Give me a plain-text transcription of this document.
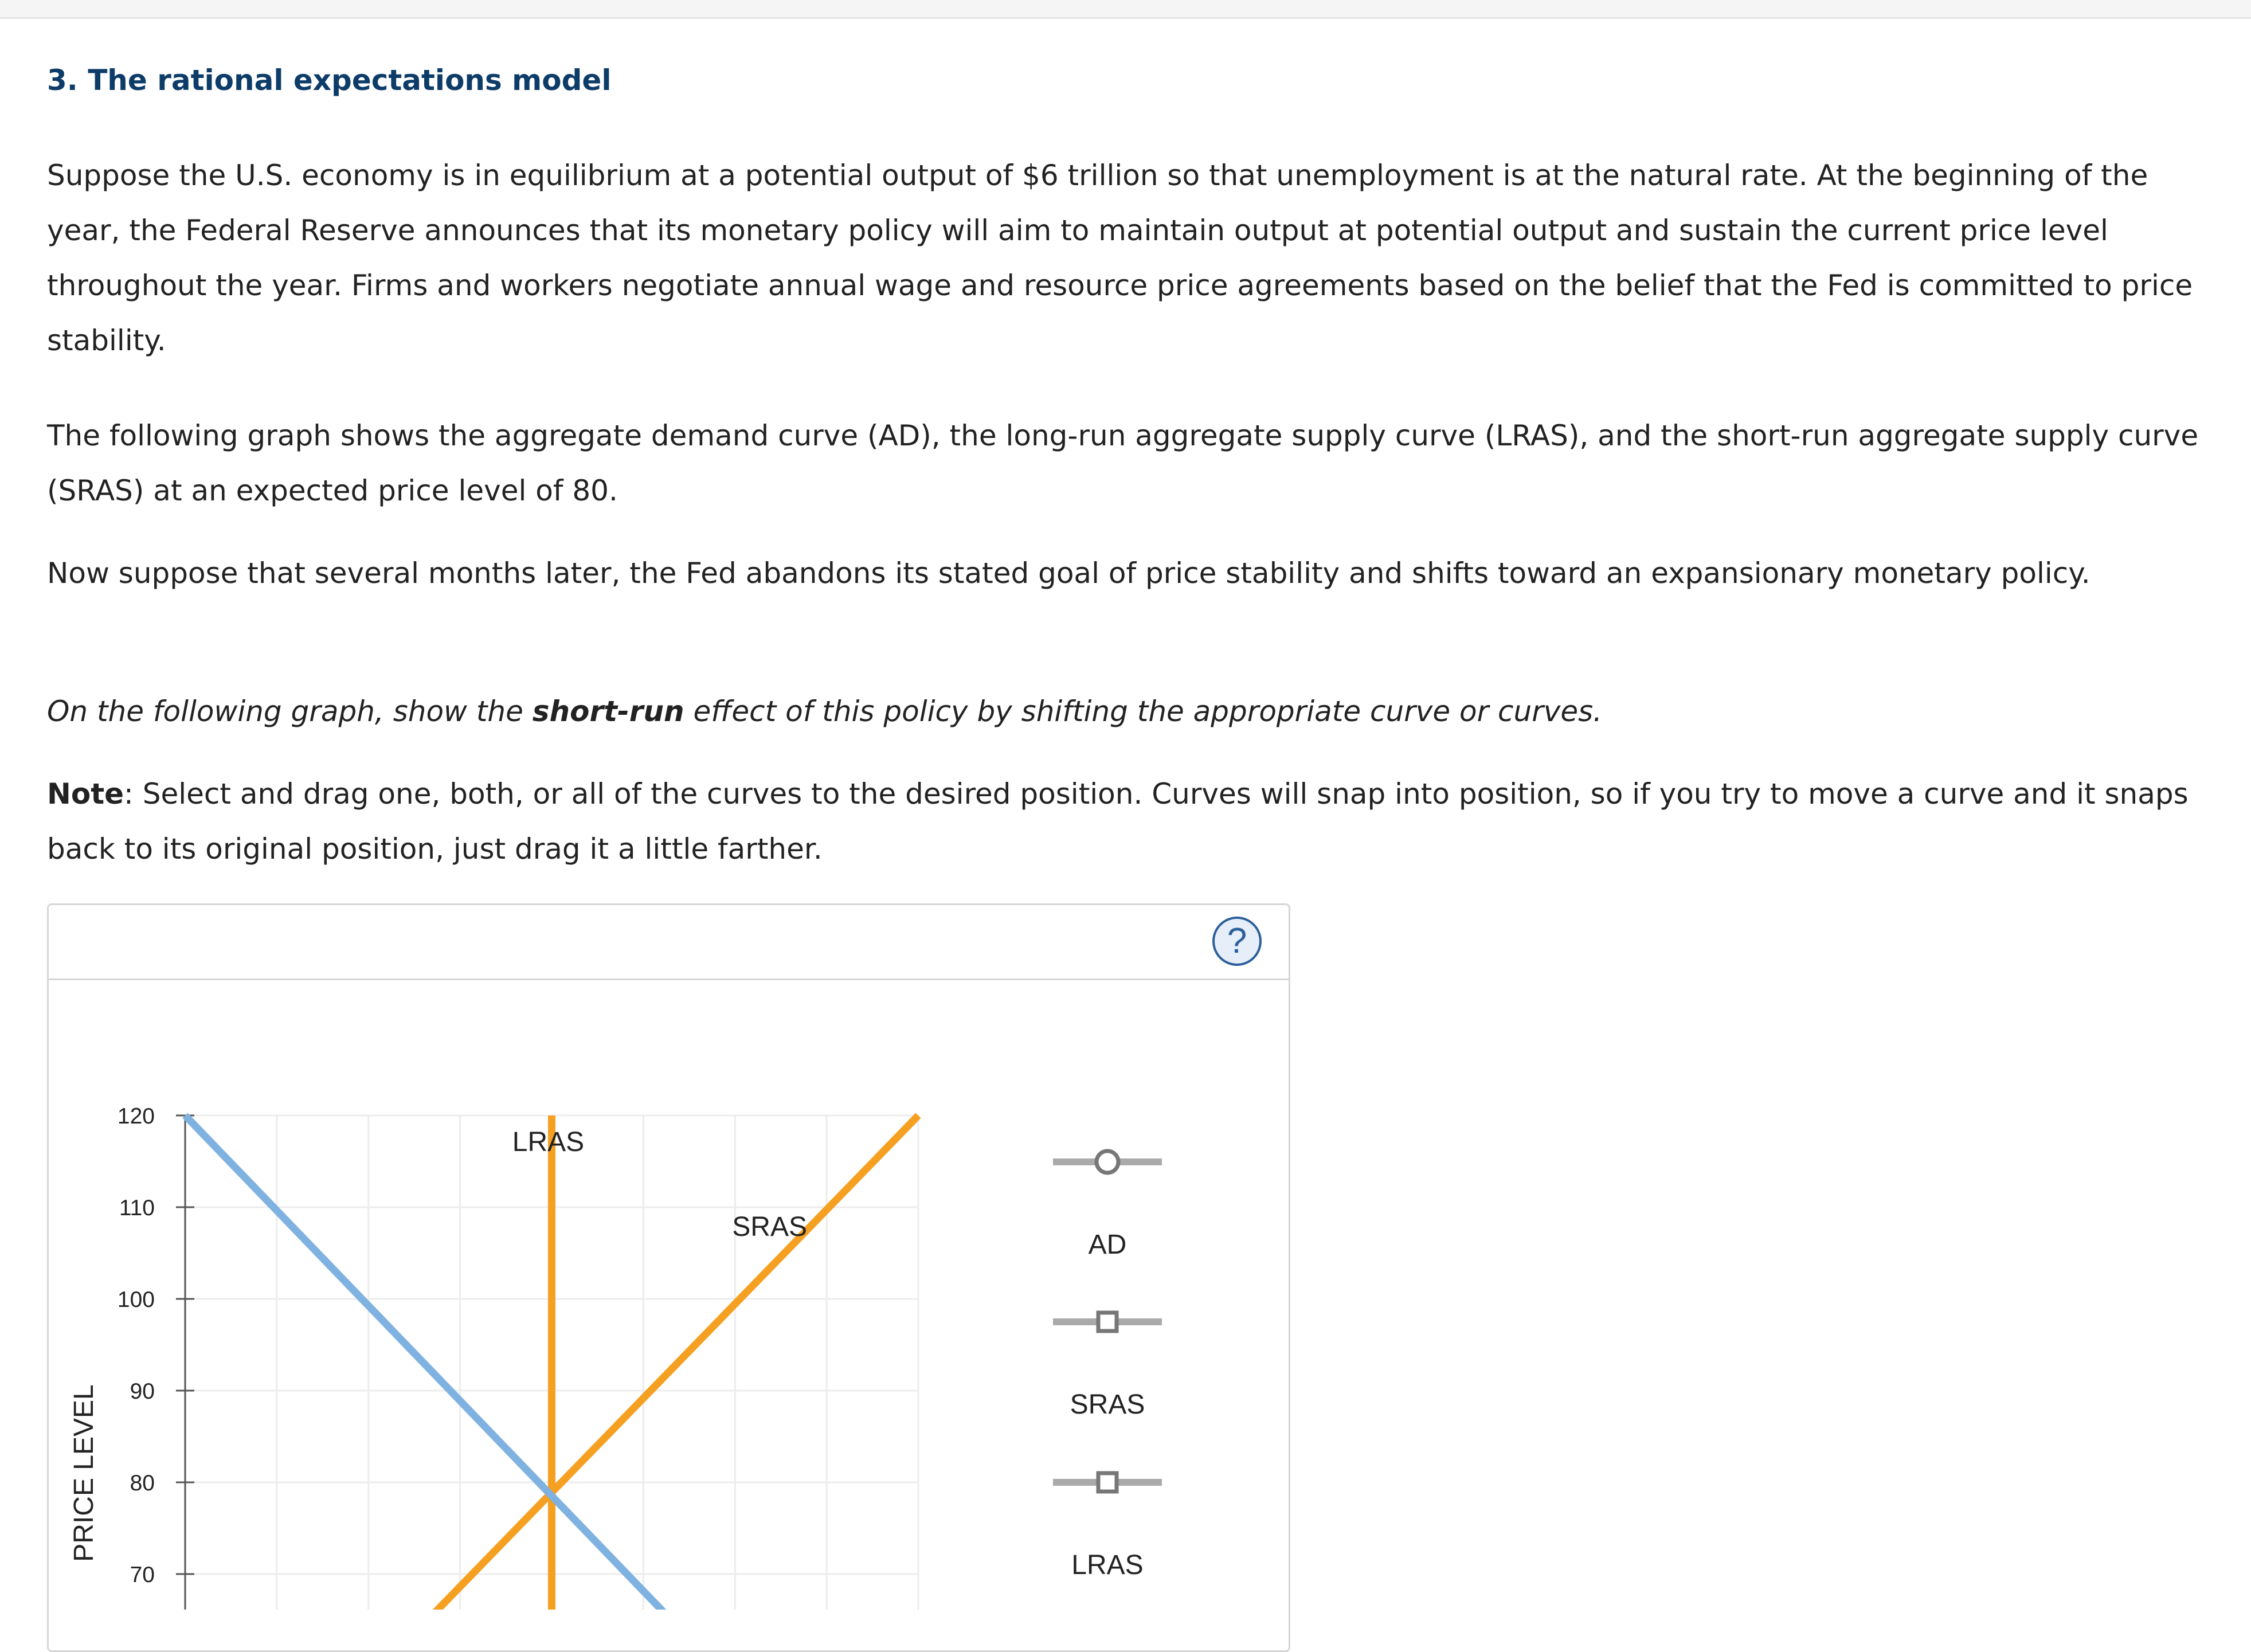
3. The rational expectations model

Suppose the U.S. economy is in equilibrium at a potential output of $6 trillion so that unemployment is at the natural rate. At the beginning of the
year, the Federal Reserve announces that its monetary policy will aim to maintain output at potential output and sustain the current price level
throughout the year. Firms and workers negotiate annual wage and resource price agreements based on the belief that the Fed is committed to price
stability.

The following graph shows the aggregate demand curve (AD), the long-run aggregate supply curve (LRAS), and the short-run aggregate supply curve
(SRAS) at an expected price level of 80.

Now suppose that several months later, the Fed abandons its stated goal of price stability and shifts toward an expansionary monetary policy.

On the following graph, show the short-run effect of this policy by shifting the appropriate curve or curves.

Note: Select and drag one, both, or all of the curves to the desired position. Curves will snap into position, so if you try to move a curve and it snaps
back to its original position, just drag it a little farther.

?
120
110
100
90
80
70
PRICE LEVEL
LRAS
SRAS
AD
SRAS
LRAS
